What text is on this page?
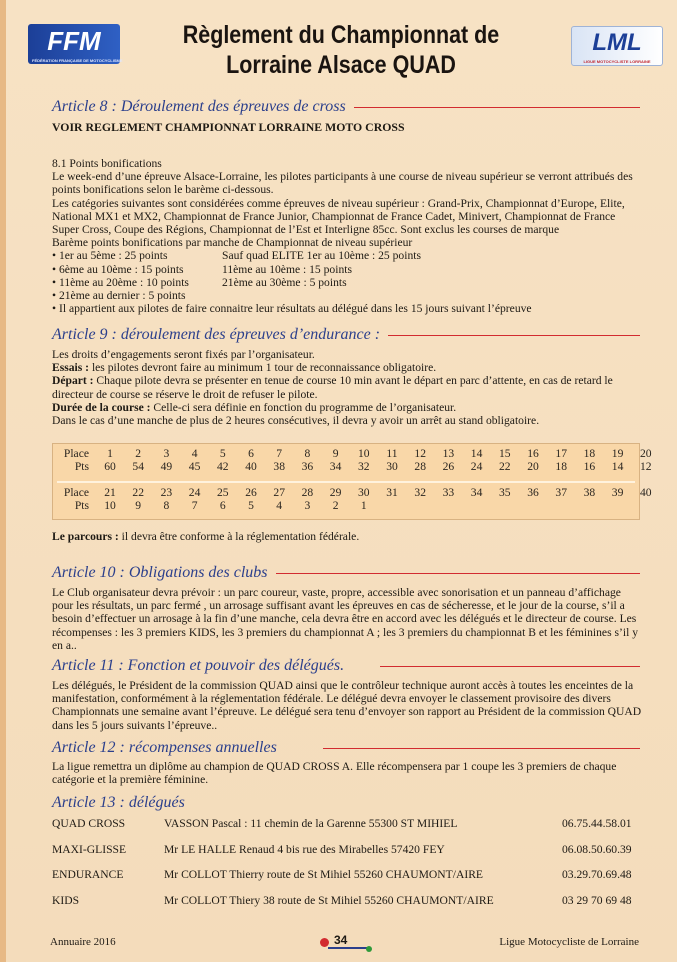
FFM
FÉDÉRATION FRANÇAISE DE MOTOCYCLISME
Règlement du Championnat de
Lorraine Alsace QUAD
LML
LIGUE MOTOCYCLISTE LORRAINE
Article 8 : Déroulement des épreuves de cross
VOIR REGLEMENT CHAMPIONNAT LORRAINE MOTO CROSS

8.1 Points bonifications

Le week-end d’une épreuve Alsace-Lorraine, les pilotes participants à une course de niveau supérieur se verront attribués des points bonifications selon le barème ci-dessous.

Les catégories suivantes sont considérées comme épreuves de niveau supérieur : Grand-Prix, Championnat d’Europe, Elite, National MX1 et MX2, Championnat de France Junior, Championnat de France Cadet, Minivert, Championnat de France Super Cross, Coupe des Régions, Championnat de l’Est et Interligne 85cc. Sont exclus les courses de marque

Barème points bonifications par manche de Championnat de niveau supérieur

• 1er au 5ème : 25 points	Sauf quad ELITE 1er au 10ème : 25 points
• 6ème au 10ème : 15 points	11ème au 10ème : 15 points
• 11ème au 20ème : 10 points	21ème au 30ème : 5 points
• 21ème au dernier : 5 points

• Il appartient aux pilotes de faire connaitre leur résultats au délégué dans les 15 jours suivant l’épreuve

Article 9 : déroulement des épreuves d’endurance :

Les droits d’engagements seront fixés par l’organisateur.

Essais : les pilotes devront faire au minimum 1 tour de reconnaissance obligatoire.

Départ : Chaque pilote devra se présenter en tenue de course 10 min avant le départ en parc d’attente, en cas de retard le directeur de course se réserve le droit de refuser le pilote.

Durée de la course : Celle-ci sera définie en fonction du programme de l’organisateur.

Dans le cas d’une manche de plus de 2 heures consécutives, il devra y avoir un arrêt au stand obligatoire.

Place	1	2	3	4	5	6	7	8	9	10	11	12	13	14	15	16	17	18	19	20
Pts	60	54	49	45	42	40	38	36	34	32	30	28	26	24	22	20	18	16	14	12
Place	21	22	23	24	25	26	27	28	29	30	31	32	33	34	35	36	37	38	39	40
Pts	10	9	8	7	6	5	4	3	2	1
Le parcours : il devra être conforme à la réglementation fédérale.
Article 10 : Obligations des clubs
Le Club organisateur devra prévoir : un parc coureur, vaste, propre, accessible avec sonorisation et un panneau d’affichage pour les résultats, un parc fermé , un arrosage suffisant avant les épreuves en cas de sécheresse, et le jour de la course, s’il a besoin d’effectuer un arrosage à la fin d’une manche, cela devra être en accord avec les délégués et le directeur de course. Les récompenses : les 3 premiers KIDS, les 3 premiers du championnat A ; les 3 premiers du championnat B et les féminines s’il y en a..
Article 11 : Fonction et pouvoir des délégués.
Les délégués, le Président de la commission QUAD ainsi que le contrôleur technique auront accès à toutes les enceintes de la manifestation, conformément à la réglementation fédérale. Le délégué devra envoyer le classement provisoire des divers Championnats une semaine avant l’épreuve. Le délégué sera tenu d’envoyer son rapport au Président de la commission QUAD dans les 5 jours suivants l’épreuve..
Article 12 : récompenses annuelles
La ligue remettra un diplôme au champion de QUAD CROSS A. Elle récompensera par 1 coupe les 3 premiers de chaque catégorie et la première féminine.
Article 13 : délégués
QUAD CROSS	VASSON Pascal : 11 chemin de la Garenne 55300 ST MIHIEL	06.75.44.58.01
MAXI-GLISSE	Mr LE HALLE Renaud 4 bis rue des Mirabelles 57420 FEY	06.08.50.60.39
ENDURANCE	Mr COLLOT Thierry route de St Mihiel 55260 CHAUMONT/AIRE	03.29.70.69.48
KIDS	Mr COLLOT Thiery 38 route de St Mihiel 55260 CHAUMONT/AIRE	03 29 70 69 48
Annuaire 2016	34	Ligue Motocycliste de Lorraine
